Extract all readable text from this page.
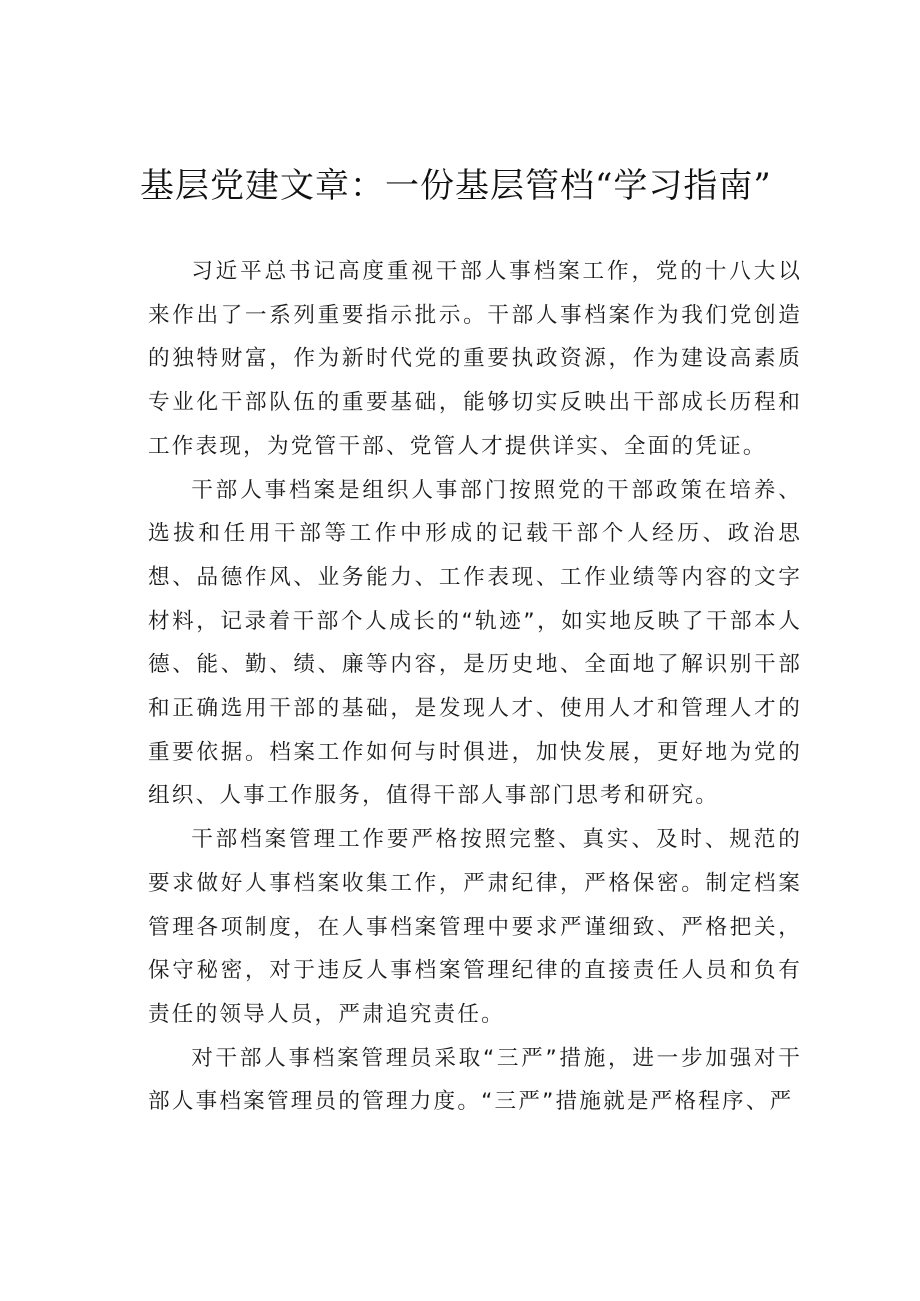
基层党建文章：一份基层管档“学习指南”

习近平总书记高度重视干部人事档案工作，党的十八大以来作出了一系列重要指示批示。干部人事档案作为我们党创造的独特财富，作为新时代党的重要执政资源，作为建设高素质专业化干部队伍的重要基础，能够切实反映出干部成长历程和工作表现，为党管干部、党管人才提供详实、全面的凭证。

干部人事档案是组织人事部门按照党的干部政策在培养、选拔和任用干部等工作中形成的记载干部个人经历、政治思想、品德作风、业务能力、工作表现、工作业绩等内容的文字材料，记录着干部个人成长的“轨迹”，如实地反映了干部本人德、能、勤、绩、廉等内容，是历史地、全面地了解识别干部和正确选用干部的基础，是发现人才、使用人才和管理人才的重要依据。档案工作如何与时俱进，加快发展，更好地为党的组织、人事工作服务，值得干部人事部门思考和研究。

干部档案管理工作要严格按照完整、真实、及时、规范的要求做好人事档案收集工作，严肃纪律，严格保密。制定档案管理各项制度，在人事档案管理中要求严谨细致、严格把关，保守秘密，对于违反人事档案管理纪律的直接责任人员和负有责任的领导人员，严肃追究责任。

对干部人事档案管理员采取“三严”措施，进一步加强对干部人事档案管理员的管理力度。“三严”措施就是严格程序、严
